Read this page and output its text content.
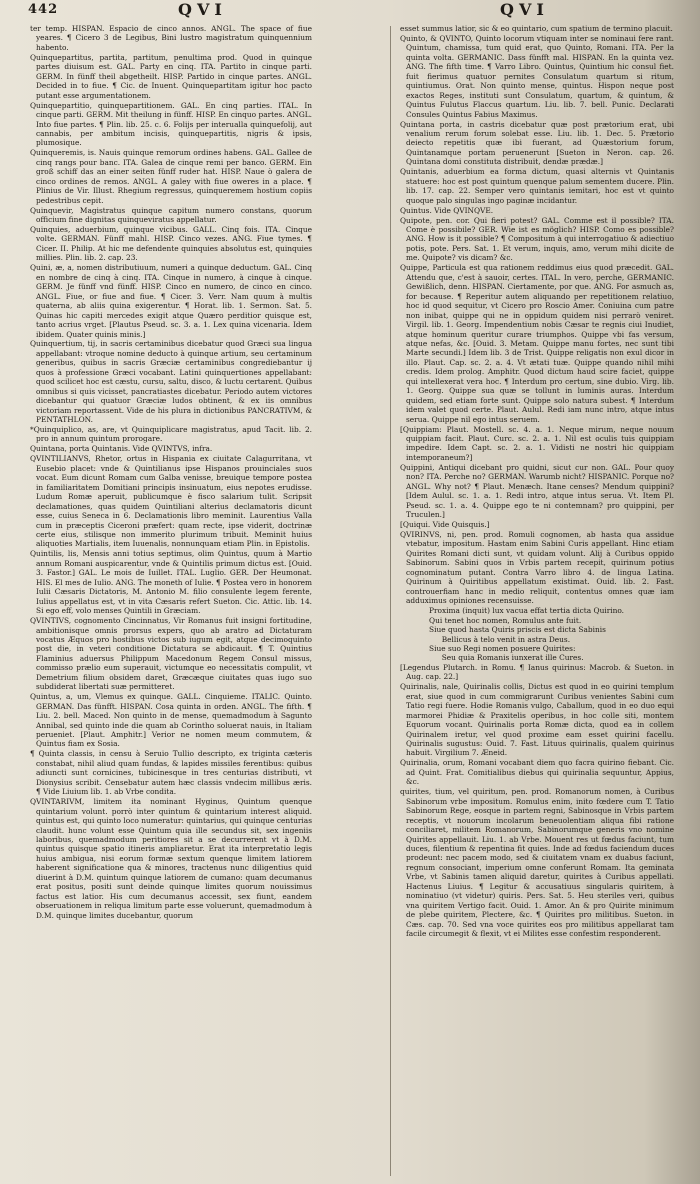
442	QVI	QVI

ter temp. HISPAN. Espacio de cinco annos. ANGL. The space of fiue yeares. ¶ Cicero 3 de Legibus, Bini lustro magistratum quinquennium habento.

Quinquepartitus, partita, partitum, penultima prod. Quod in quinque partes diuisum est. GAL. Party en cinq. ITA. Partito in cinque parti. GERM. In fünff theil abgetheilt. HISP. Partido in cinque partes. ANGL. Decided in to fiue. ¶ Cic. de Inuent. Quinquepartitam igitur hoc pacto putant esse argumentationem.

Quinquepartitio, quinquepartitionem. GAL. En cinq parties. ITAL. In cinque parti. GERM. Mit theilung in fünff. HISP. En cinquo partes. ANGL. Into fiue partes. ¶ Plin. lib. 25. c. 6. Folijs per interualla quinquefolij, aut cannabis, per ambitum incisis, quinquepartitis, nigris & ipsis, plumosique.

Quinqueremis, is. Nauis quinque remorum ordines habens. GAL. Gallee de cinq rangs pour banc. ITA. Galea de cinque remi per banco. GERM. Ein groß schiff das an einer seiten fünff ruder hat. HISP. Naue ò galera de cinco ordines de remos. ANGL. A galey with fiue oweres in a place. ¶ Plinius de Vir. Illust. Rhegium regressus, quinqueremem hostium copiis pedestribus cepit.

Quinquevir, Magistratus quinque capitum numero constans, quorum officium fine dignitas quinqueviratus appellatur.

Quinquies, aduerbium, quinque vicibus. GALL. Cinq fois. ITA. Cinque volte. GERMAN. Fünff mahl. HISP. Cinco vezes. ANG. Fiue tymes. ¶ Cicer. II. Philip. At hic me defendente quinquies absolutus est, quinquies millies. Plin. lib. 2. cap. 23.

Quini, æ, a, nomen distributiuum, numeri a quinque deductum. GAL. Cinq en nombre de cinq à cinq. ITA. Cinque in numero, à cinque à cinque. GERM. Je fünff vnd fünff. HISP. Cinco en numero, de cinco en cinco. ANGL. Fiue, or fiue and fiue. ¶ Cicer. 3. Verr. Nam quum à multis quaterna, ab aliis quina exigerentur. ¶ Horat. lib. 1. Sermon. Sat. 5. Quinas hic capiti mercedes exigit atque Quæro perditior quisque est, tanto acrius vrget. [Plautus Pseud. sc. 3. a. 1. Lex quina vicenaria. Idem ibidem. Quater quinis minis.]

Quinquertium, tij, in sacris certaminibus dicebatur quod Græci sua lingua appellabant: vtroque nomine deducto à quinque artium, seu certaminum generibus, quibus in sacris Græciæ certaminibus congrediebantur ij quos à professione Græci vocabant. Latini quinquertiones appellabant: quod scilicet hoc est cæstu, cursu, saltu, disco, & luctu certarent. Quibus omnibus si quis vicisset, pancratiastes dicebatur. Periodo autem victores dicebantur qui quatuor Græciæ ludos obtinent, & ex iis omnibus victoriam reportassent. Vide de his plura in dictionibus PANCRATIVM, & PENTATHLON.

*Quinquiplico, as, are, vt Quinquiplicare magistratus, apud Tacit. lib. 2. pro in annum quintum prorogare.

Quintana, porta Quintanis. Vide QVINTVS, infra.

QVINTILIANVS, Rhetor, ortus in Hispania ex ciuitate Calagurritana, vt Eusebio placet: vnde & Quintilianus ipse Hispanos prouinciales suos vocat. Eum dicunt Romam cum Galba venisse, breuique tempore postea in familiaritatem Domitiani principis insinuatum, eius nepotes erudisse. Ludum Romæ aperuit, publicumque è fisco salarium tulit. Scripsit declamationes, quas quidem Quintiliani alterius declamatoris dicunt esse, cuius Seneca in 6. Declamationis libro meminit. Laurentius Valla cum in præceptis Ciceroni præfert: quam recte, ipse viderit, doctrinæ certe eius, stilisque non immerito plurimum tribuit. Meminit huius aliquoties Martialis, item Iuuenalis, nonnunquam etiam Plin. in Epistolis.

Quintilis, lis, Mensis anni totius septimus, olim Quintus, quum à Martio annum Romani auspicarentur, vnde & Quintilis primum dictus est. [Ouid. 3. Fastor.] GAL. Le mois de Iuillet. ITAL. Luglio. GER. Der Heumonat. HIS. El mes de Iulio. ANG. The moneth of Iulie. ¶ Postea vero in honorem Iulii Cæsaris Dictatoris, M. Antonio M. filio consulente legem ferente, Iulius appellatus est, vt in vita Cæsaris refert Sueton. Cic. Attic. lib. 14. Si ego eff, volo menses Quintili in Græciam.

QVINTIVS, cognomento Cincinnatus, Vir Romanus fuit insigni fortitudine, ambitionisque omnis prorsus expers, quo ab aratro ad Dictaturam vocatus Æquos pro hostibus victos sub iugum egit, atque decimoquinto post die, in veteri conditione Dictatura se abdicauit. ¶ T. Quintius Flaminius aduersus Philippum Macedonum Regem Consul missus, commisso prælio eum superauit, victumque eo necessitatis compulit, vt Demetrium filium obsidem daret, Græcæque ciuitates quas iugo suo subdiderat libertati suæ permitteret.

Quintus, a, um, Vlemus ex quinque. GALL. Cinquieme. ITALIC. Quinto. GERMAN. Das fünfft. HISPAN. Cosa quinta in orden. ANGL. The fifth. ¶ Liu. 2. bell. Maced. Non quinto in de mense, quemadmodum à Sagunto Annibal, sed quinto inde die quam ab Corintho soluerat nauis, in Italiam perueniet. [Plaut. Amphitr.] Verior ne nomen meum commutem, & Quintus fiam ex Sosia.

¶ Quinta classis, in censu à Seruio Tullio descripto, ex triginta cæteris constabat, nihil aliud quam fundas, & lapides missiles ferentibus: quibus adiuncti sunt cornicines, tubicinesque in tres centurias distributi, vt Dionysius scribit. Censebatur autem hæc classis vndecim millibus æris. ¶ Vide Liuium lib. 1. ab Vrbe condita.

QVINTARIVM, limitem ita nominant Hyginus, Quintum quenque quintarium volunt. porrò inter quintum & quintarium interest aliquid. quintus est, qui quinto loco numeratur: quintarius, qui quinque centurias claudit. hunc volunt esse Quintum quia ille secundus sit, sex ingeniis laboribus, quemadmodum peritiores sit a se decurrerent vt à D.M. quintus quisque spatio itineris ampliaretur. Erat ita interpretatio legis huius ambigua, nisi eorum formæ sextum quenque limitem latiorem haberent significatione qua & minores, tractenus nunc diligentius quid diuerint à D.M. quintum quinque latiorem de cumano: quam decumanus erat positus, positi sunt deinde quinque limites quorum nouissimus factus est latior. His cum decumanus accessit, sex fiunt, eandem obseruationem in reliqua limitum parte esse voluerunt, quemadmodum à D.M. quinque limites ducebantur, quorum

esset summus latior, sic & eo quintario, cum spatium de termino placuit.

Quinto, & QVINTO, Quinto locorum vtiquam inter se nominaui fere rant. Quintum, chamissa, tum quid erat, quo Quinto, Romani. ITA. Per la quinta volta. GERMANIC. Dass fünfft mal. HISPAN. En la quinta vez. ANG. The fifth time. ¶ Varro Libro. Quintus, Quintium hic consul fiet. fuit fierimus quatuor pernites Consulatum quartum si ritum, quintiumus. Orat. Non quinto mense, quintus. Hispon neque post exactos Reges, instituti sunt Consulatum, quartum, & quintum, & Quintus Fulutus Flaccus quartum. Liu. lib. 7. bell. Punic. Declarati Consules Quintus Fabius Maximus.

Quintana porta, in castris dicebatur quæ post prætorium erat, ubi venalium rerum forum solebat esse. Liu. lib. 1. Dec. 5. Prætorio deiecto repetitis quæ ibi fuerant, ad Quæstorium forum, Quintanamque portam peruenerunt [Sueton in Neron. cap. 26. Quintana domi constituta distribuit, dendæ prædæ.]

Quintanis, aduerbium ea forma dictum, quasi alternis vt Quintanis statuere: hoc est post quintum quenque palum sementem ducere. Plin. lib. 17. cap. 22. Semper vero quintanis iemitari, hoc est vt quinto quoque palo singulas ingo paginæ incidantur.

Quintus. Vide QVINQVE.

Quipote, pen. cor. Qui fieri potest? GAL. Comme est il possible? ITA. Come è possibile? GER. Wie ist es möglich? HISP. Como es possible? ANG. How is it possible? ¶ Compositum à qui interrogatiuo & adiectiuo potis, pote. Pers. Sat. 1. Et verum, inquis, amo, verum mihi dicite de me. Quipote? vis dicam? &c.

Quippe, Particula est qua rationem reddimus eius quod præcedit. GAL. Attendu que, c'est à sauoir, certes. ITAL. In vero, perche, GERMANIC. Gewißlich, denn. HISPAN. Ciertamente, por que. ANG. For asmuch as, for because. ¶ Reperitur autem aliquando per repetitionem relatiuo, hoc id quod sequitur, vt Cicero pro Roscio Amer. Coniuina cum patre non inibat, quippe qui ne in oppidum quidem nisi perrarò veniret. Virgil. lib. 1. Georg. Impendentium nobis Cæsar te regnis ciui Inudiet, atque hominum queritur curare triumphos. Quippe vbi fas versum, atque nefas, &c. [Ouid. 3. Metam. Quippe manu fortes, nec sunt tibi Marte secundi.] Idem lib. 3 de Trist. Quippe religatis non exul dicor in illo. Plaut. Cap. sc. 2. a. 4. Vt ætati tuæ. Quippe quando nihil mihi credis. Idem prolog. Amphitr. Quod dictum haud scire faciet, quippe qui intellexerat vera hoc. ¶ Interdum pro certum, sine dubio. Virg. lib. 1. Georg. Quippe sua quæ se tollunt in luminis auras. Interdum quidem, sed etiam forte sunt. Quippe solo natura subest. ¶ Interdum idem valet quod certe. Plaut. Aulul. Redi iam nunc intro, atque intus serua. Quippe nil ego intus seruem.

[Quippiam: Plaut. Mostell. sc. 4. a. 1. Neque mirum, neque nouum quippiam facit. Plaut. Curc. sc. 2. a. 1. Nil est oculis tuis quippiam impedire. Idem Capt. sc. 2. a. 1. Vidisti ne nostri hic quippiam intemporaneum?]

Quippini, Antiqui dicebant pro quidni, sicut cur non. GAL. Pour quoy non? ITA. Perche no? GERMAN. Warumb nicht? HISPANIC. Porque no? ANGL. Why not? ¶ Plaut. Menæch. Itane censes? Mendum quippini? [Idem Aulul. sc. 1. a. 1. Redi intro, atque intus serua. Vt. Item Pl. Pseud. sc. 1. a. 4. Quippe ego te ni contemnam? pro quippini, per Truculen.]

[Quiqui. Vide Quisquis.]

QVIRINVS, ni, pen. prod. Romuli cognomen, ab hasta qua assidue vtebatur, impositum. Hastam enim Sabini Curis appellant. Hinc etiam Quirites Romani dicti sunt, vt quidam volunt. Alij à Curibus oppido Sabinorum. Sabini quos in Vrbis partem recepit, quirinum potius cognominatum putant. Contra Varro libro 4. de lingua Latina. Quirinum à Quiritibus appellatum existimat. Ouid. lib. 2. Fast. controuerfiam hanc in medio reliquit, contentus omnes quæ iam adduximus opiniones recensuisse.

Proxima (inquit) lux vacua effat tertia dicta Quirino.

Qui tenet hoc nomen, Romulus ante fuit.

Siue quod hasta Quiris priscis est dicta Sabinis

Bellicus à telo venit in astra Deus.

Siue suo Regi nomen posuere Quirites:

Seu quia Romanis iunxerat ille Cures.

[Legendus Plutarch. in Romu. ¶ Ianus quirinus: Macrob. & Sueton. in Aug. cap. 22.]

Quirinalis, nale, Quirinalis collis, Dictus est quod in eo quirini templum erat, siue quod in cum commigrarunt Curibus venientes Sabini cum Tatio regi fuere. Hodie Romanis vulgo, Caballum, quod in eo duo equi marmorei Phidiæ & Praxitelis operibus, in hoc colle siti, montem Equorum vocant. Quirinalis porta Romæ dicta, quod ea in collem Quirinalem iretur, vel quod proxime eam esset quirini facellu. Quirinalis sugustus: Ouid. 7. Fast. Lituus quirinalis, qualem quirinus habuit. Virgilium 7. Æneid.

Quirinalia, orum, Romani vocabant diem quo facra quirino fiebant. Cic. ad Quint. Frat. Comitialibus diebus qui quirinalia sequuntur, Appius, &c.

quirites, tium, vel quiritum, pen. prod. Romanorum nomen, à Curibus Sabinorum vrbe impositum. Romulus enim, inito fœdere cum T. Tatio Sabinorum Rege, eosque in partem regni, Sabinosque in Vrbis partem receptis, vt nouorum incolarum beneuolentiam aliqua fibi ratione conciliaret, militem Romanorum, Sabinorumque generis vno nomine Quirites appellauit. Liu. 1. ab Vrbe. Mouent res ut fœdus faciunt, tum duces, filentium & repentina fit quies. Inde ad fœdus faciendum duces prodeunt: nec pacem modo, sed & ciuitatem vnam ex duabus faciunt, regnum consociant, imperium omne conferunt Romam. Ita geminata Vrbe, vt Sabinis tamen aliquid daretur, quirites à Curibus appellati. Hactenus Liuius. ¶ Legitur & accusatiuus singularis quiritem, à nominatiuo (vt videtur) quiris. Pers. Sat. 5. Heu steriles veri, quibus vna quiritem Vertigo facit. Ouid. 1. Amor. An & pro Quirite minimum de plebe quiritem, Plectere, &c. ¶ Quirites pro militibus. Sueton. in Cæs. cap. 70. Sed vna voce quirites eos pro militibus appellarat tam facile circumegit & flexit, vt ei Milites esse confestim responderent.
